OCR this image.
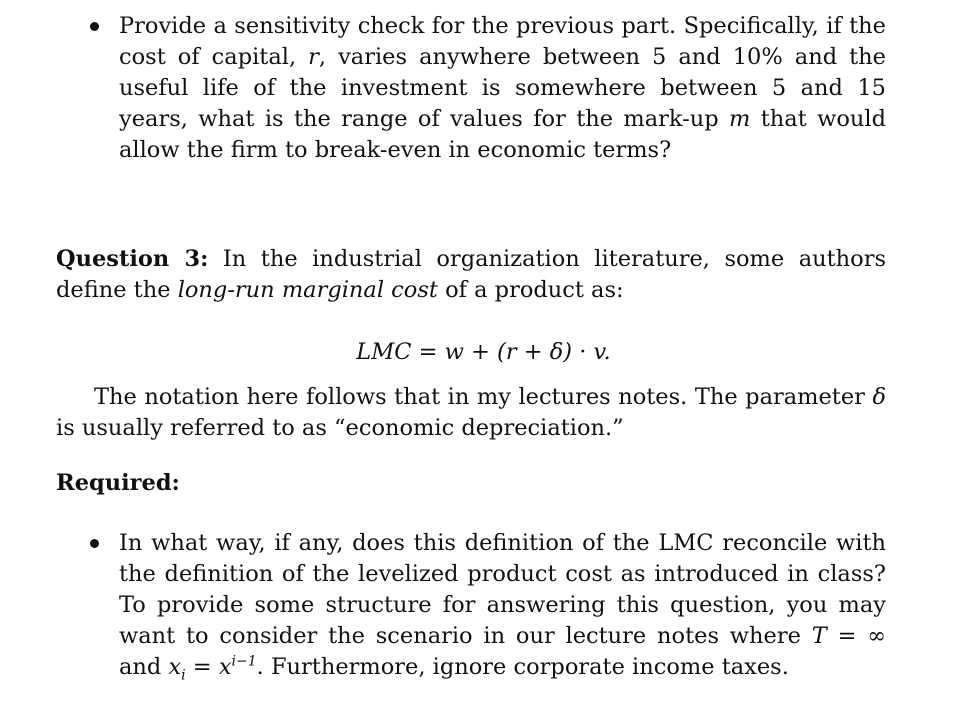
Provide a sensitivity check for the previous part. Specifically, if the cost of capital, r, varies anywhere between 5 and 10% and the useful life of the investment is somewhere between 5 and 15 years, what is the range of values for the mark-up m that would allow the firm to break-even in economic terms?
Question 3: In the industrial organization literature, some authors define the long-run marginal cost of a product as:
LMC = w + (r + δ) · v.
The notation here follows that in my lectures notes. The parameter δ is usually referred to as “economic depreciation.”
Required:
In what way, if any, does this definition of the LMC reconcile with the definition of the levelized product cost as introduced in class? To provide some structure for answering this question, you may want to consider the scenario in our lecture notes where T = ∞ and $x_i = x^{i-1}$. Furthermore, ignore corporate income taxes.
